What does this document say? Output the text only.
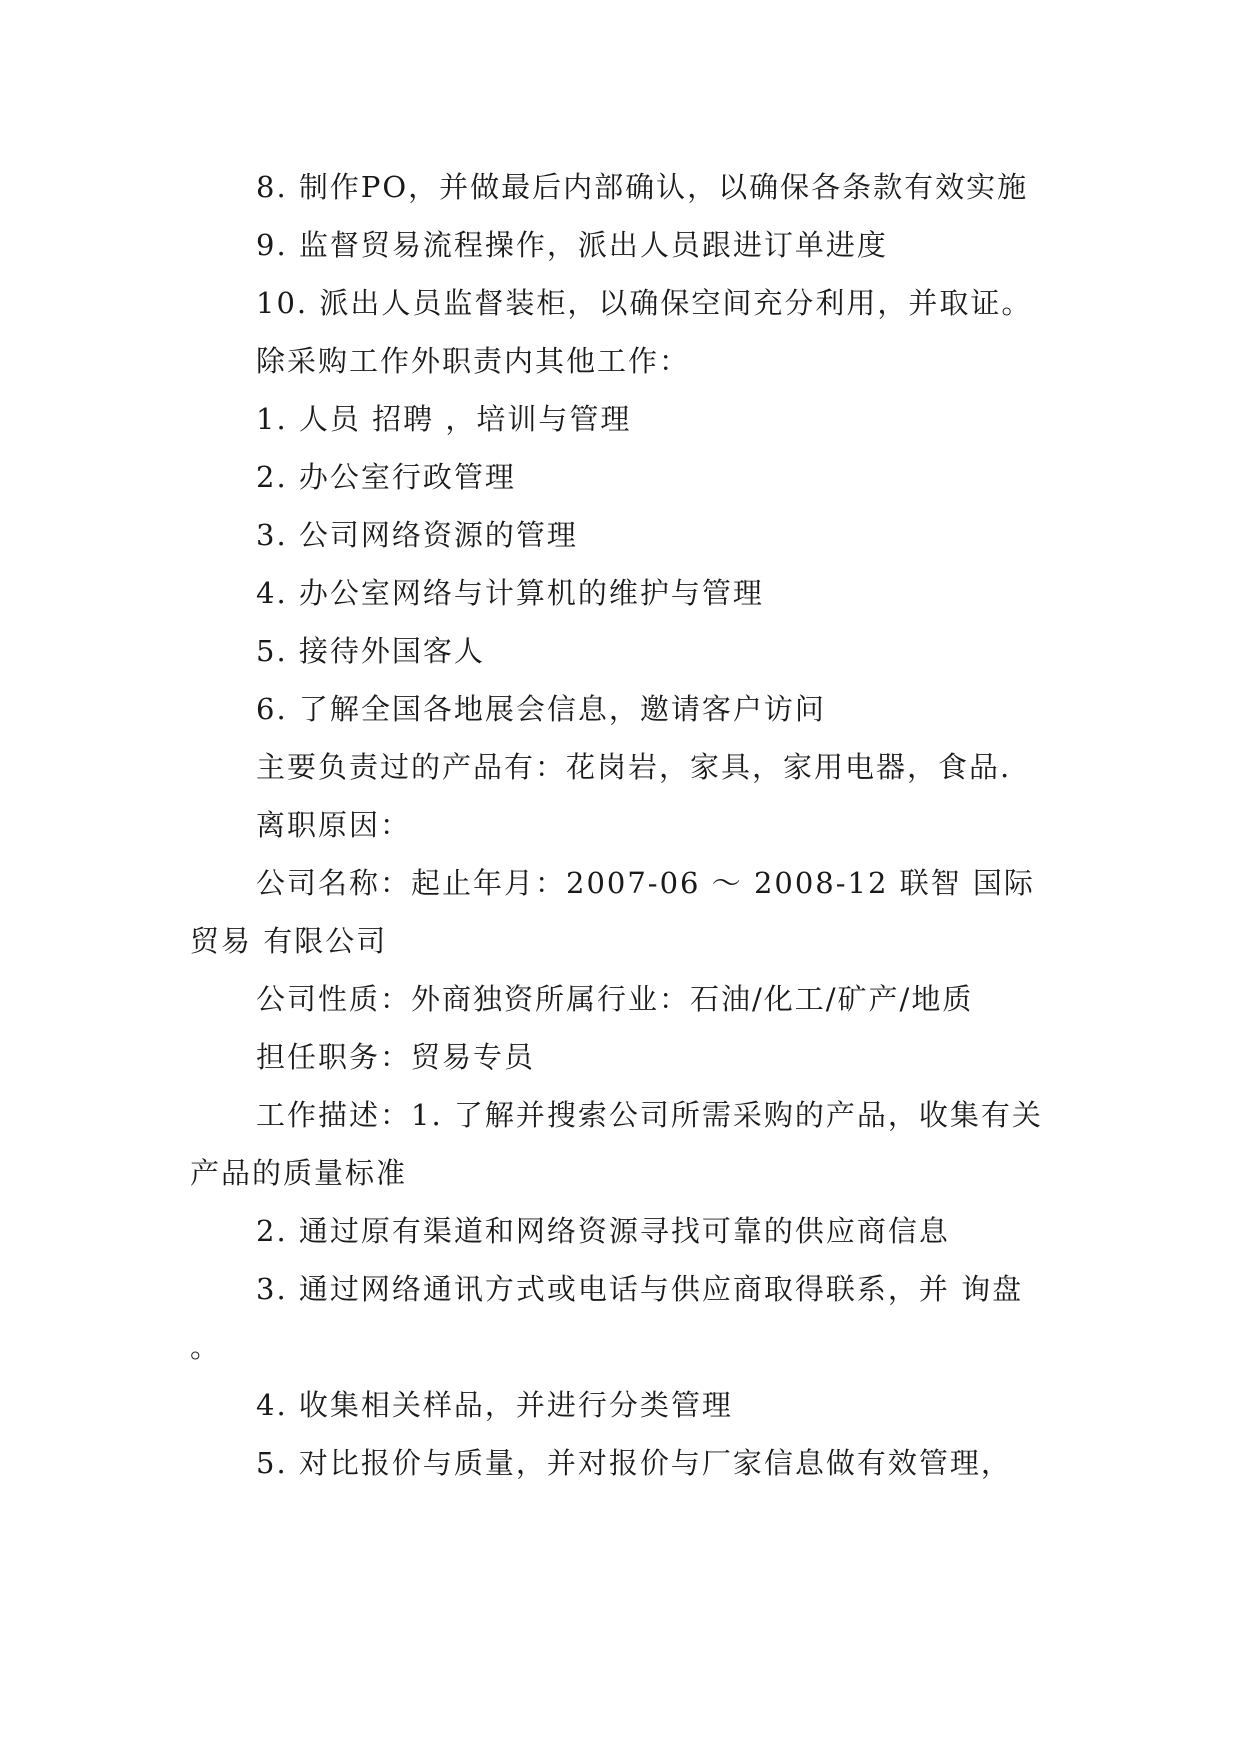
8. 制作PO，并做最后内部确认，以确保各条款有效实施

9. 监督贸易流程操作，派出人员跟进订单进度

10. 派出人员监督装柜，以确保空间充分利用，并取证。

除采购工作外职责内其他工作：

1. 人员 招聘 ，培训与管理

2. 办公室行政管理

3. 公司网络资源的管理

4. 办公室网络与计算机的维护与管理

5. 接待外国客人

6. 了解全国各地展会信息，邀请客户访问

主要负责过的产品有：花岗岩，家具，家用电器，食品.

离职原因：

公司名称：起止年月：2007-06 ～ 2008-12 联智 国际贸易 有限公司

公司性质：外商独资所属行业：石油/化工/矿产/地质

担任职务：贸易专员

工作描述：1. 了解并搜索公司所需采购的产品，收集有关产品的质量标准

2. 通过原有渠道和网络资源寻找可靠的供应商信息

3. 通过网络通讯方式或电话与供应商取得联系，并 询盘 。

4. 收集相关样品，并进行分类管理

5. 对比报价与质量，并对报价与厂家信息做有效管理，
